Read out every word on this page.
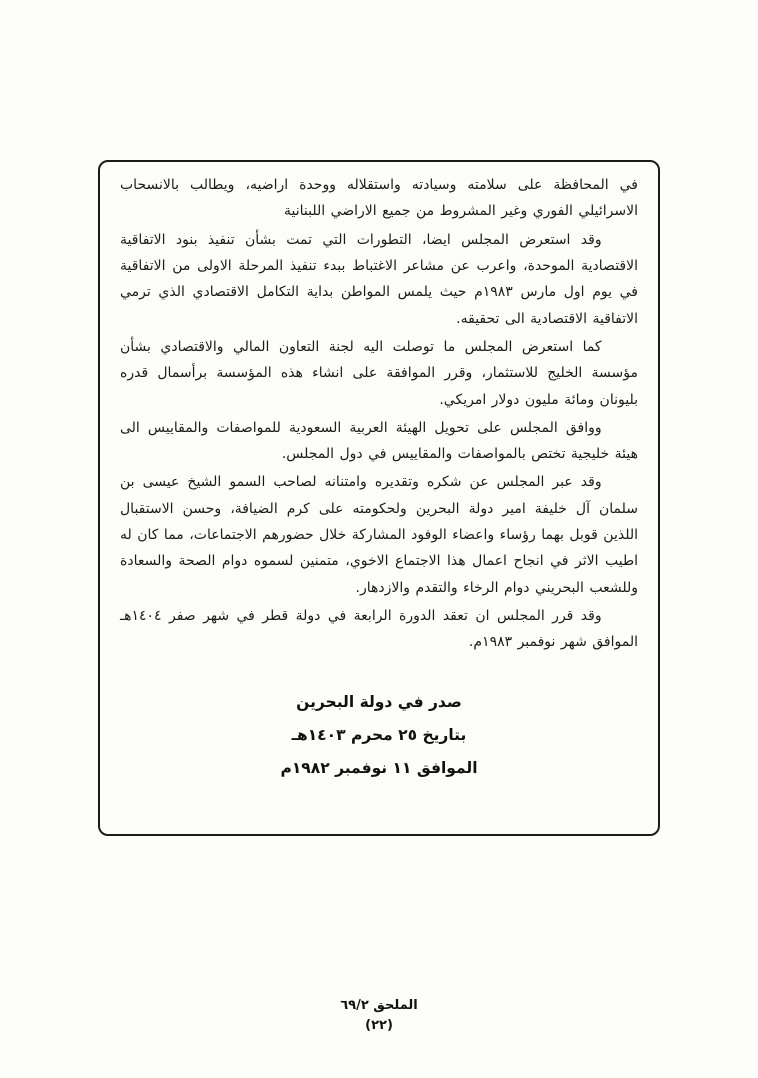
في المحافظة على سلامته وسيادته واستقلاله ووحدة اراضيه، ويطالب بالانسحاب الاسرائيلي الفوري وغير المشروط من جميع الاراضي اللبنانية

وقد استعرض المجلس ايضا، التطورات التي تمت بشأن تنفيذ بنود الاتفاقية الاقتصادية الموحدة، واعرب عن مشاعر الاغتباط ببدء تنفيذ المرحلة الاولى من الاتفاقية في يوم اول مارس ١٩٨٣م حيث يلمس المواطن بداية التكامل الاقتصادي الذي ترمي الاتفاقية الاقتصادية الى تحقيقه.

كما استعرض المجلس ما توصلت اليه لجنة التعاون المالي والاقتصادي بشأن مؤسسة الخليج للاستثمار، وقرر الموافقة على انشاء هذه المؤسسة برأسمال قدره بليونان ومائة مليون دولار امريكي.

ووافق المجلس على تحويل الهيئة العربية السعودية للمواصفات والمقاييس الى هيئة خليجية تختص بالمواصفات والمقاييس في دول المجلس.

وقد عبر المجلس عن شكره وتقديره وامتنانه لصاحب السمو الشيخ عيسى بن سلمان آل خليفة امير دولة البحرين ولحكومته على كرم الضيافة، وحسن الاستقبال اللذين قوبل بهما رؤساء واعضاء الوفود المشاركة خلال حضورهم الاجتماعات، مما كان له اطيب الاثر في انجاح اعمال هذا الاجتماع الاخوي، متمنين لسموه دوام الصحة والسعادة وللشعب البحريني دوام الرخاء والتقدم والازدهار.

وقد قرر المجلس ان تعقد الدورة الرابعة في دولة قطر في شهر صفر ١٤٠٤هـ الموافق شهر نوفمبر ١٩٨٣م.

صدر في دولة البحرين
بتاريخ ٢٥ محرم ١٤٠٣هـ
الموافق ١١ نوفمبر ١٩٨٢م
الملحق ٦٩/٢
(٢٢)
